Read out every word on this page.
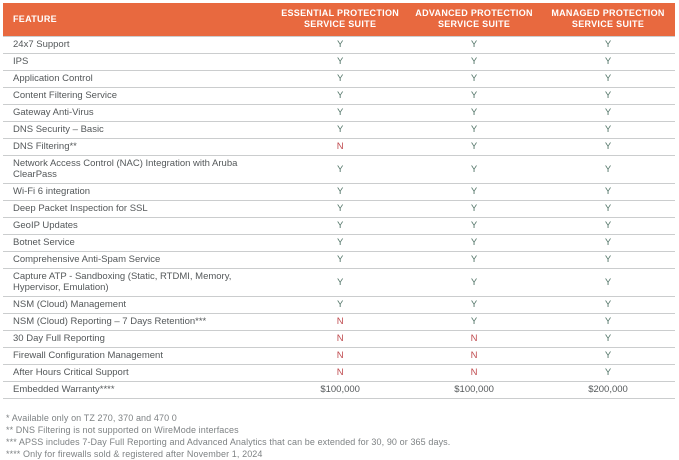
FEATURE	ESSENTIAL PROTECTION SERVICE SUITE	ADVANCED PROTECTION SERVICE SUITE	MANAGED PROTECTION SERVICE SUITE
24x7 Support	Y	Y	Y
IPS	Y	Y	Y
Application Control	Y	Y	Y
Content Filtering Service	Y	Y	Y
Gateway Anti-Virus	Y	Y	Y
DNS Security – Basic	Y	Y	Y
DNS Filtering**	N	Y	Y
Network Access Control (NAC) Integration with Aruba ClearPass	Y	Y	Y
Wi-Fi 6 integration	Y	Y	Y
Deep Packet Inspection for SSL	Y	Y	Y
GeoIP Updates	Y	Y	Y
Botnet Service	Y	Y	Y
Comprehensive Anti-Spam Service	Y	Y	Y
Capture ATP - Sandboxing (Static, RTDMI, Memory, Hypervisor, Emulation)	Y	Y	Y
NSM (Cloud) Management	Y	Y	Y
NSM (Cloud) Reporting – 7 Days Retention***	N	Y	Y
30 Day Full Reporting	N	N	Y
Firewall Configuration Management	N	N	Y
After Hours Critical Support	N	N	Y
Embedded Warranty****	$100,000	$100,000	$200,000
* Available only on TZ 270, 370 and 470 0
** DNS Filtering is not supported on WireMode interfaces
*** APSS includes 7-Day Full Reporting and Advanced Analytics that can be extended for 30, 90 or 365 days.
**** Only for firewalls sold & registered after November 1, 2024
